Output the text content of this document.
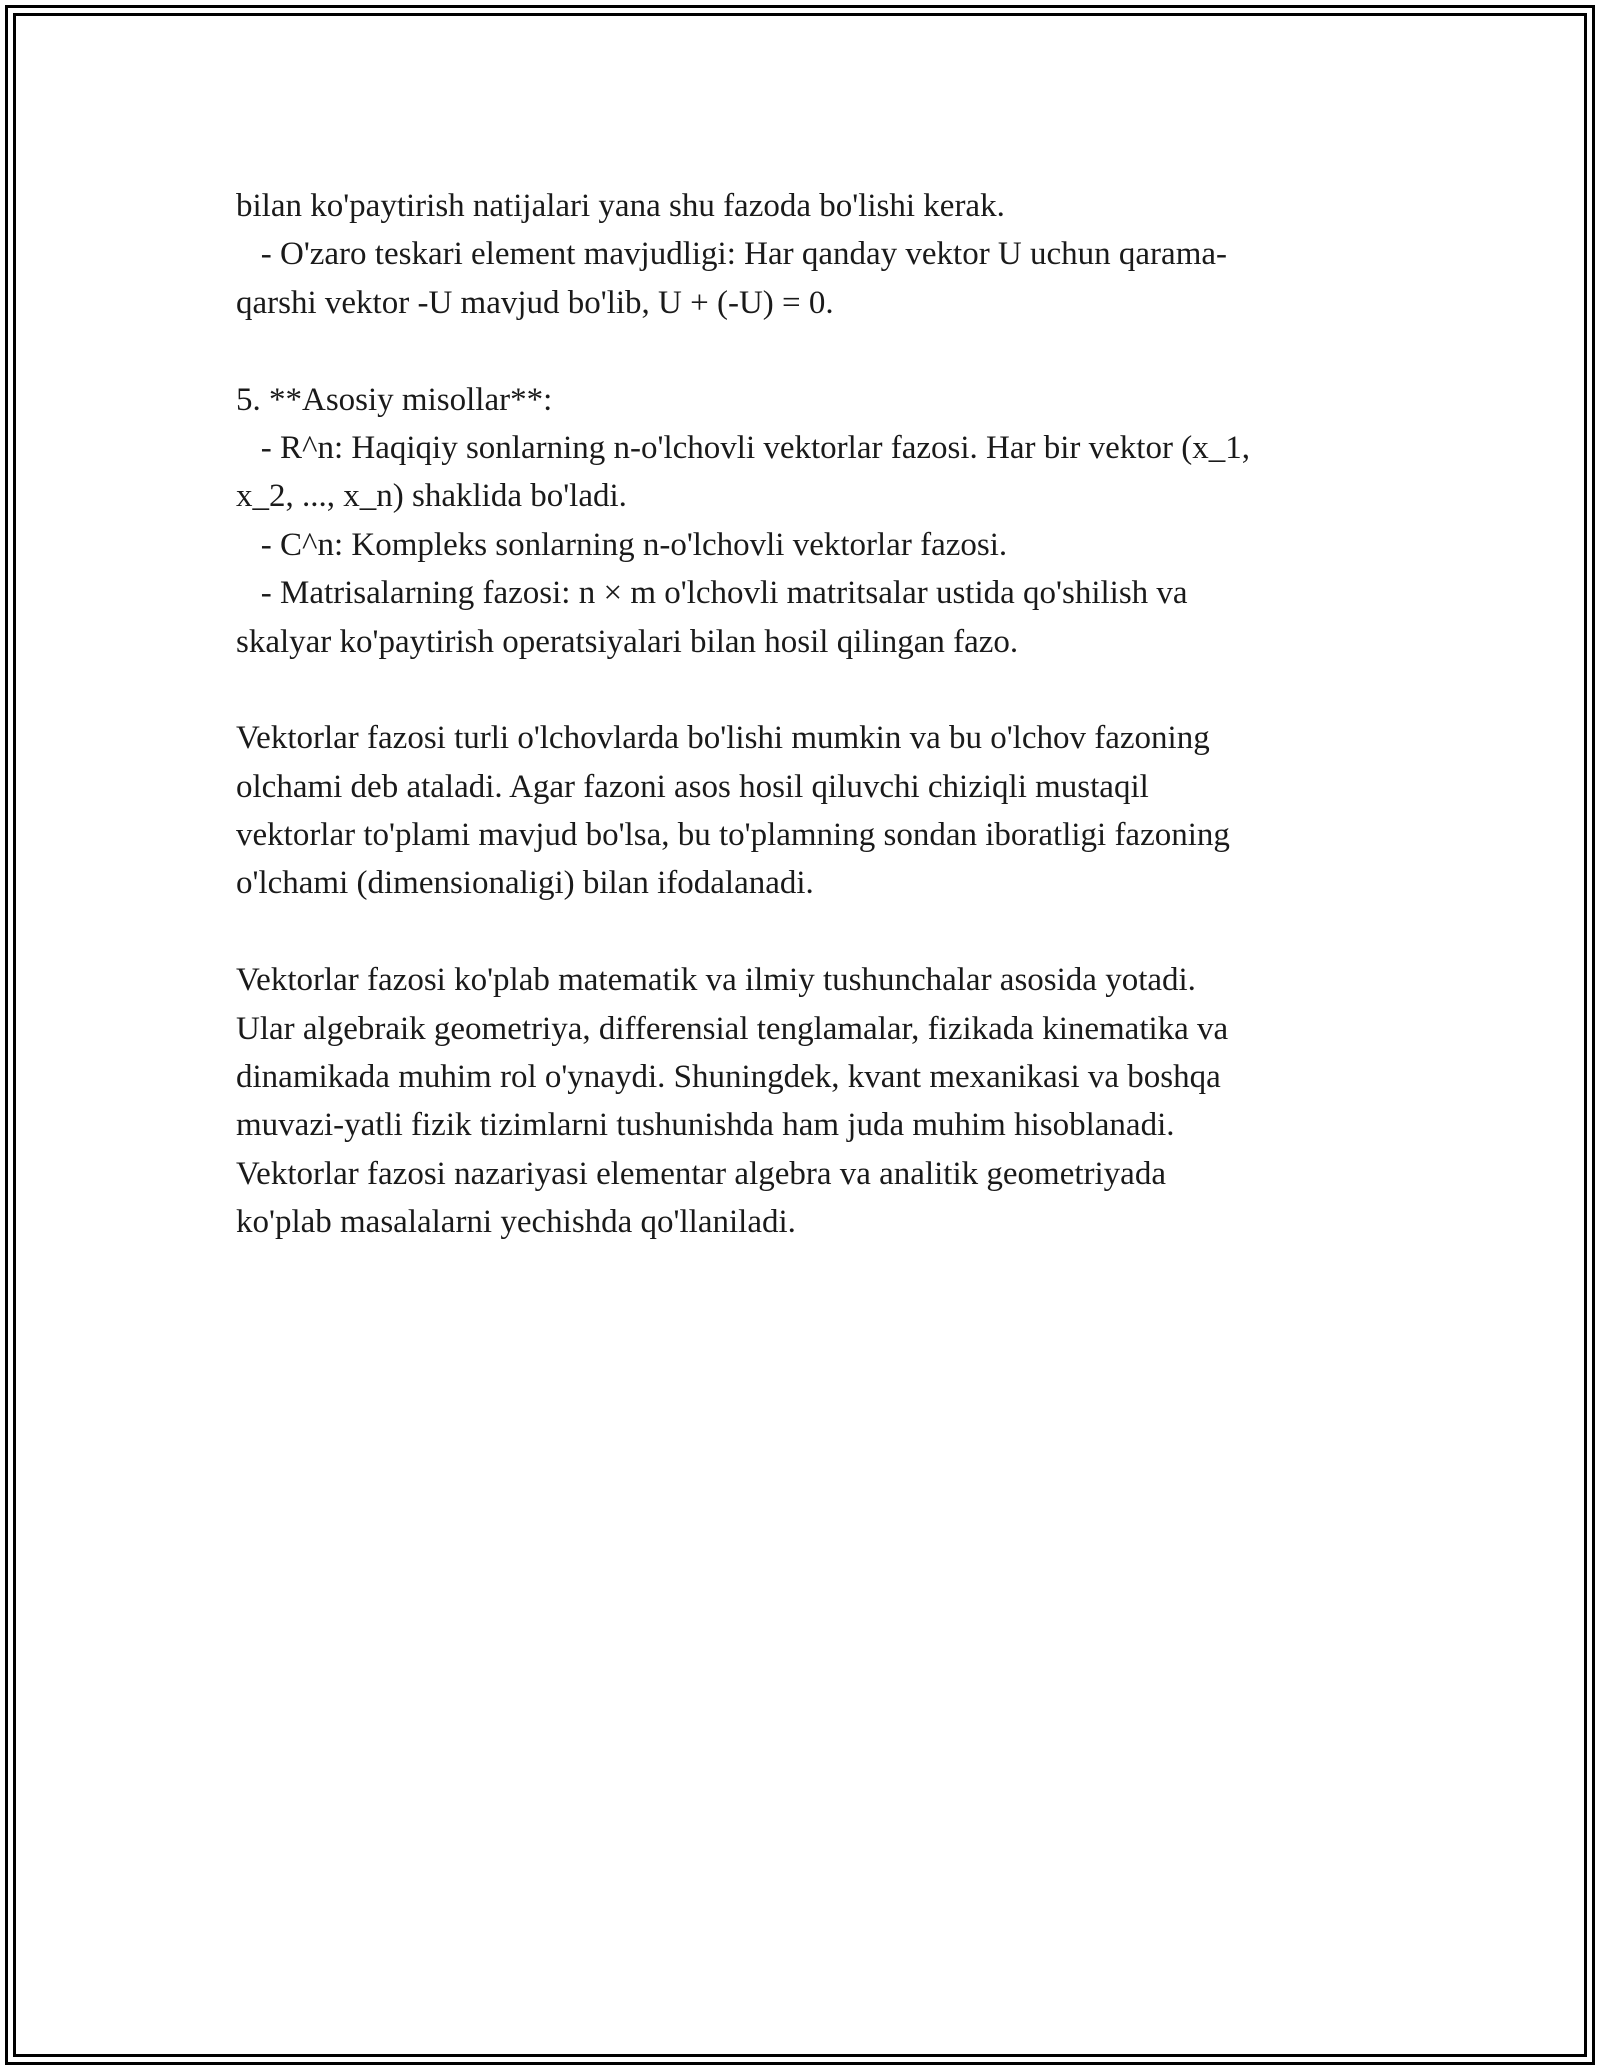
bilan ko'paytirish natijalari yana shu fazoda bo'lishi kerak.
- O'zaro teskari element mavjudligi: Har qanday vektor U uchun qarama-
qarshi vektor -U mavjud bo'lib, U + (-U) = 0.
5. **Asosiy misollar**:
- R^n: Haqiqiy sonlarning n-o'lchovli vektorlar fazosi. Har bir vektor (x_1,
x_2, ..., x_n) shaklida bo'ladi.
- C^n: Kompleks sonlarning n-o'lchovli vektorlar fazosi.
- Matrisalarning fazosi: n × m o'lchovli matritsalar ustida qo'shilish va
skalyar ko'paytirish operatsiyalari bilan hosil qilingan fazo.
Vektorlar fazosi turli o'lchovlarda bo'lishi mumkin va bu o'lchov fazoning
olchami deb ataladi. Agar fazoni asos hosil qiluvchi chiziqli mustaqil
vektorlar to'plami mavjud bo'lsa, bu to'plamning sondan iboratligi fazoning
o'lchami (dimensionaligi) bilan ifodalanadi.
Vektorlar fazosi ko'plab matematik va ilmiy tushunchalar asosida yotadi.
Ular algebraik geometriya, differensial tenglamalar, fizikada kinematika va
dinamikada muhim rol o'ynaydi. Shuningdek, kvant mexanikasi va boshqa
muvazi-yatli fizik tizimlarni tushunishda ham juda muhim hisoblanadi.
Vektorlar fazosi nazariyasi elementar algebra va analitik geometriyada
ko'plab masalalarni yechishda qo'llaniladi.
